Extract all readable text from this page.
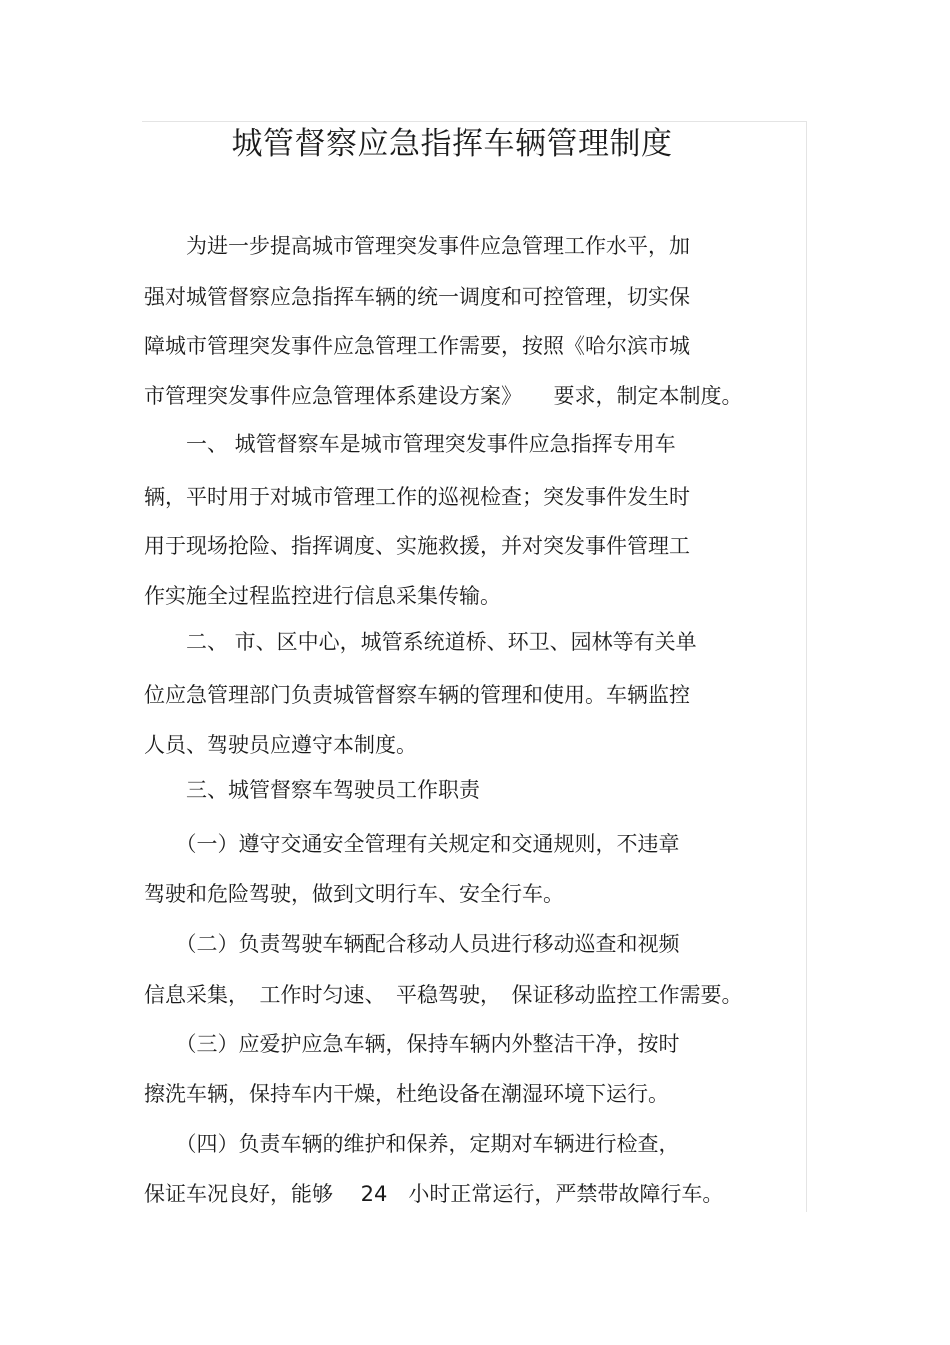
城管督察应急指挥车辆管理制度

　　为进一步提高城市管理突发事件应急管理工作水平，加

强对城管督察应急指挥车辆的统一调度和可控管理，切实保

障城市管理突发事件应急管理工作需要，按照《哈尔滨市城

市管理突发事件应急管理体系建设方案》　　要求，制定本制度。

　　一、 城管督察车是城市管理突发事件应急指挥专用车

辆，平时用于对城市管理工作的巡视检查；突发事件发生时

用于现场抢险、指挥调度、实施救援，并对突发事件管理工

作实施全过程监控进行信息采集传输。

　　二、 市、区中心，城管系统道桥、环卫、园林等有关单

位应急管理部门负责城管督察车辆的管理和使用。车辆监控

人员、驾驶员应遵守本制度。

　　三、城管督察车驾驶员工作职责

　　（一）遵守交通安全管理有关规定和交通规则，不违章

驾驶和危险驾驶，做到文明行车、安全行车。

　　（二）负责驾驶车辆配合移动人员进行移动巡查和视频

信息采集，　工作时匀速、　平稳驾驶，　保证移动监控工作需要。

　　（三）应爱护应急车辆，保持车辆内外整洁干净，按时

擦洗车辆，保持车内干燥，杜绝设备在潮湿环境下运行。

　　（四）负责车辆的维护和保养，定期对车辆进行检查，

保证车况良好，能够　 24　小时正常运行，严禁带故障行车。
